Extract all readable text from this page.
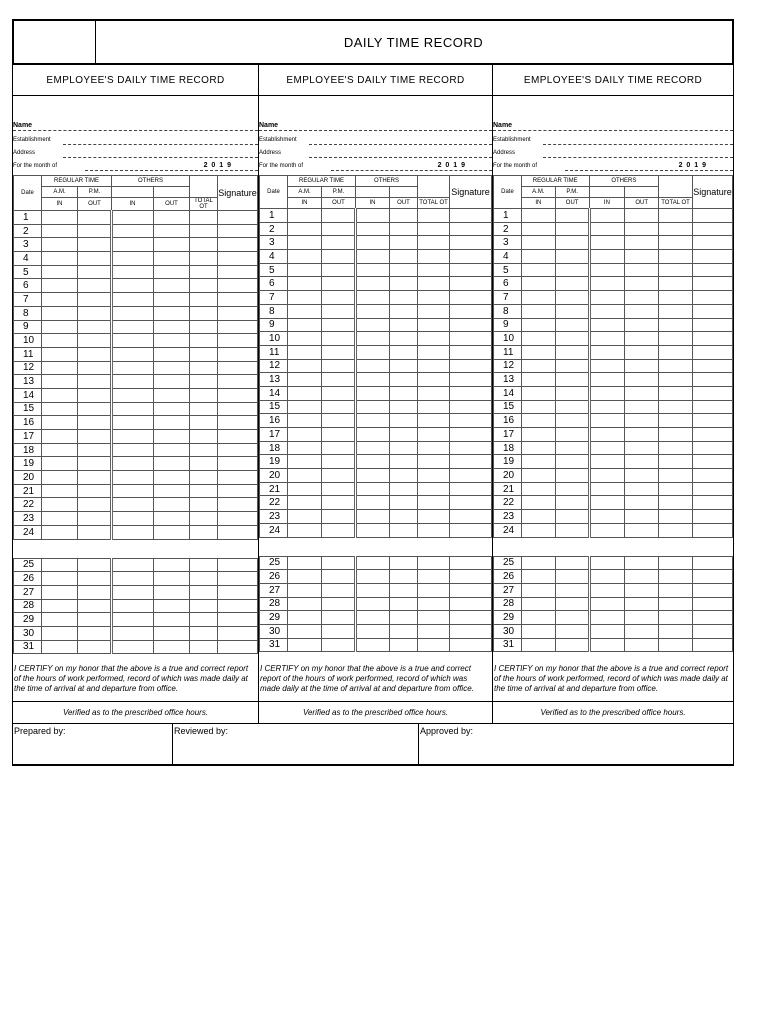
DAILY TIME RECORD
EMPLOYEE'S DAILY TIME RECORD
Name
Establishment
Address
For the month of	2 0 1 9
Date	REGULAR TIME		OTHERS			Signature
	A.M.	P.M.				
	IN	OUT	IN	OUT	TOTAL OT	
1						
2						
3						
4						
5						
6						
7						
8						
9						
10						
11						
12						
13						
14						
15						
16						
17						
18						
19						
20						
21						
22						
23						
24						

25						
26						
27						
28						
29						
30						
31						
I CERTIFY on my honor that the above is a true and correct report of the hours of work performed, record of which was made daily at the time of arrival at and departure from office.
Verified as to the prescribed office hours.
EMPLOYEE'S DAILY TIME RECORD
Name
Establishment
Address
For the month of	2 0 1 9
Date	REGULAR TIME		OTHERS			Signature
	A.M.	P.M.				
	IN	OUT	IN	OUT	TOTAL OT	
1						
2						
3						
4						
5						
6						
7						
8						
9						
10						
11						
12						
13						
14						
15						
16						
17						
18						
19						
20						
21						
22						
23						
24						

25						
26						
27						
28						
29						
30						
31						
I CERTIFY on my honor that the above is a true and correct report of the hours of work performed, record of which was made daily at the time of arrival at and departure from office.
Verified as to the prescribed office hours.
EMPLOYEE'S DAILY TIME RECORD
Name
Establishment
Address
For the month of	2 0 1 9
Date	REGULAR TIME		OTHERS			Signature
	A.M.	P.M.				
	IN	OUT	IN	OUT	TOTAL OT	
1						
2						
3						
4						
5						
6						
7						
8						
9						
10						
11						
12						
13						
14						
15						
16						
17						
18						
19						
20						
21						
22						
23						
24						

25						
26						
27						
28						
29						
30						
31						
I CERTIFY on my honor that the above is a true and correct report of the hours of work performed, record of which was made daily at the time of arrival at and departure from office.
Verified as to the prescribed office hours.
Prepared by:	Reviewed by:	Approved by:
